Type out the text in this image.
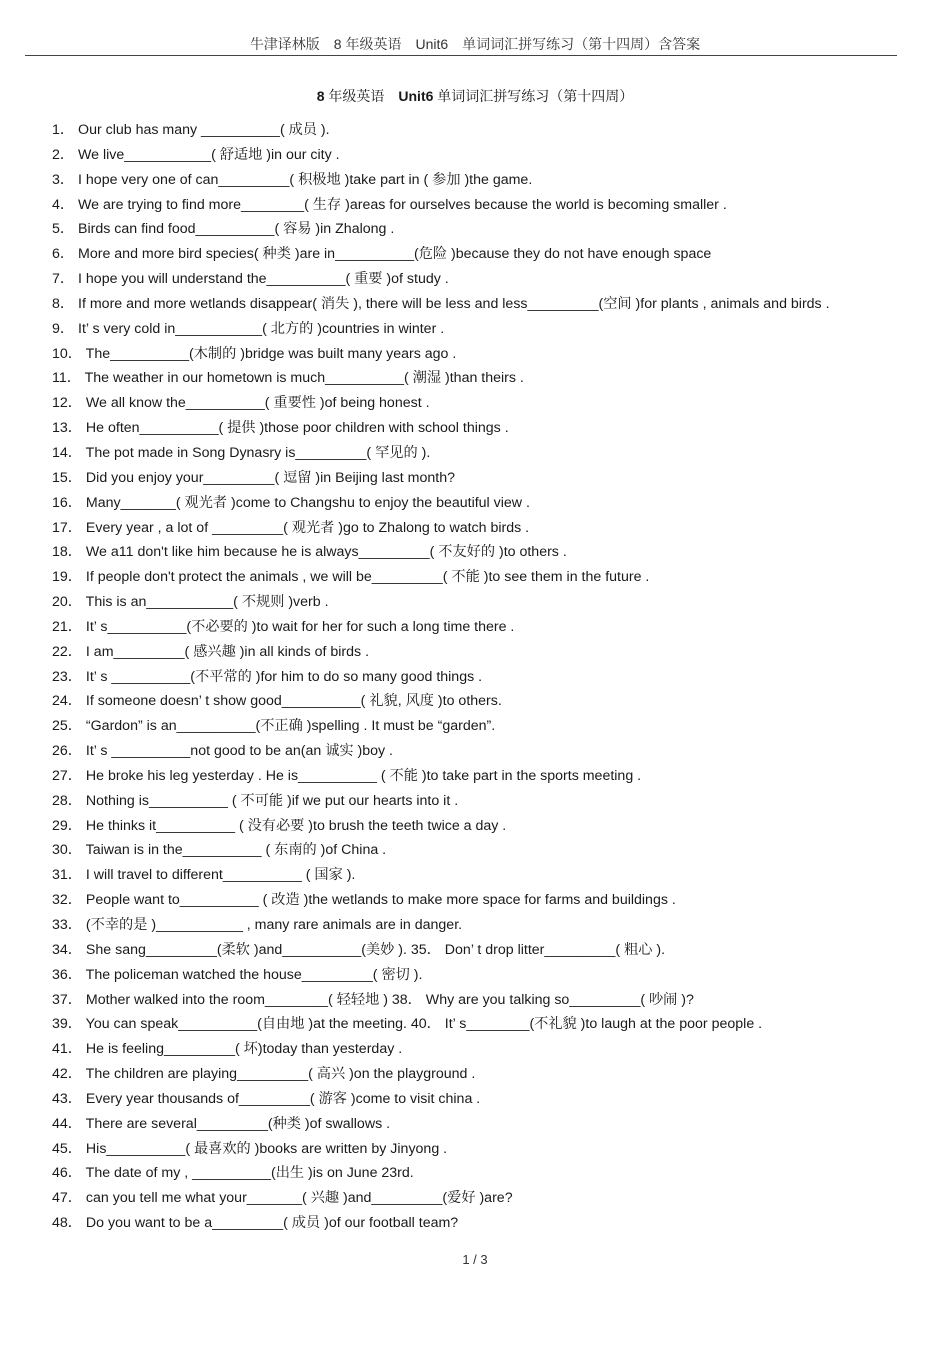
牛津译林版　8 年级英语　Unit6　单词词汇拼写练习（第十四周）含答案
8 年级英语　Unit6 单词词汇拼写练习（第十四周）
1． Our club has many __________( 成员 ).
2． We live___________( 舒适地 )in our city .
3． I hope very one of can_________( 积极地 )take part in ( 参加 )the game.
4． We are trying to find more________( 生存 )areas for ourselves because the world is becoming smaller .
5． Birds can find food__________( 容易 )in Zhalong .
6． More and more bird species( 种类 )are in__________(危险 )because they do not have enough space
7． I hope you will understand the__________( 重要 )of study .
8． If more and more wetlands disappear( 消失 ), there will be less and less_________(空间 )for plants , animals and birds .
9． It’ s very cold in___________( 北方的 )countries in winter .
10． The__________(木制的 )bridge was built many years ago .
11． The weather in our hometown is much__________( 潮湿 )than theirs .
12． We all know the__________( 重要性 )of being honest .
13． He often__________( 提供 )those poor children with school things .
14． The pot made in Song Dynasry is_________( 罕见的 ).
15． Did you enjoy your_________( 逗留 )in Beijing last month?
16． Many_______( 观光者 )come to Changshu to enjoy the beautiful view .
17． Every year , a lot of _________( 观光者 )go to Zhalong to watch birds .
18． We a11 don't like him because he is always_________( 不友好的 )to others .
19． If people don't protect the animals , we will be_________( 不能 )to see them in the future .
20． This is an___________( 不规则 )verb .
21． It’ s__________(不必要的 )to wait for her for such a long time there .
22． I am_________( 感兴趣 )in all kinds of birds .
23． It’ s __________(不平常的 )for him to do so many good things .
24． If someone doesn’ t show good__________( 礼貌, 风度 )to others.
25． “Gardon” is an__________(不正确 )spelling . It must be “garden”.
26． It’ s __________not good to be an(an 诚实 )boy .
27． He broke his leg yesterday . He is__________ ( 不能 )to take part in the sports meeting .
28． Nothing is__________ ( 不可能 )if we put our hearts into it .
29． He thinks it__________ ( 没有必要 )to brush the teeth twice a day .
30． Taiwan is in the__________ ( 东南的 )of China .
31． I will travel to different__________ ( 国家 ).
32． People want to__________ ( 改造 )the wetlands to make more space for farms and buildings .
33． (不幸的是 )___________ , many rare animals are in danger.
34． She sang_________(柔软 )and__________(美妙 ). 35． Don’ t drop litter_________( 粗心 ).
36． The policeman watched the house_________( 密切 ).
37． Mother walked into the room________( 轻轻地 ) 38． Why are you talking so_________( 吵闹 )?
39． You can speak__________(自由地 )at the meeting. 40． It’ s________(不礼貌 )to laugh at the poor people .
41． He is feeling_________( 坏)today than yesterday .
42． The children are playing_________( 高兴 )on the playground .
43． Every year thousands of_________( 游客 )come to visit china .
44． There are several_________(种类 )of swallows .
45． His__________( 最喜欢的 )books are written by Jinyong .
46． The date of my , __________(出生 )is on June 23rd.
47． can you tell me what your_______( 兴趣 )and_________(爱好 )are?
48． Do you want to be a_________( 成员 )of our football team?
1 / 3
